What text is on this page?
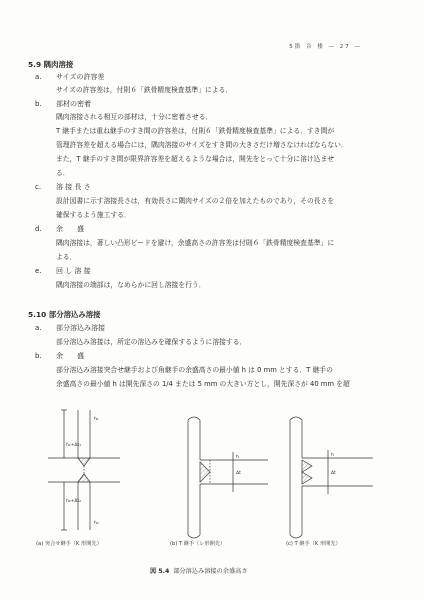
5節 音 楼 — 27 —
5.9 隅肉溶接
a. サイズの許容差
サイズの許容差は，付則６「鉄骨精度検査基準」による．
b. 部材の密着
隅肉溶接される相互の部材は，十分に密着させる．
T 継手または重ね継手のすき間の許容差は，付則６「鉄骨精度検査基準」による．すき間が
管理許容差を超える場合には，隅肉溶接のサイズをすき間の大きさだけ増さなければならない．
また，T 継手のすき間が限界許容差を超えるような場合は，開先をとって十分に溶け込ませ
る．
c. 溶 接 長 さ
設計図書に示す溶接長さは，有効長さに隅肉サイズの２倍を加えたものであり，その長さを
確保するよう施工する．
d. 余　　盛
隅肉溶接は，著しい凸形ビードを避け，余盛高さの許容差は付則６「鉄骨精度検査基準」に
よる．
e. 回 し 溶 接
隅肉溶接の端部は，なめらかに回し溶接を行う．
5.10 部分溶込み溶接
a. 部分溶込み溶接
部分溶込み溶接は，所定の溶込みを確保するように溶接する．
b. 余　　盛
部分溶込み溶接突合せ継手および角継手の余盛高さの最小値 h は 0 mm とする．T 継手の
余盛高さの最小値 h は開先深さの 1/4 または 5 mm の大きい方とし，開先深さが 40 mm を超
h₁
h₂
h₁+Δt₁
h₂+Δt₂
h
Δt
h
Δt
(a) 突合せ継手（K 形開先）	(b) T 継手（レ形開先）	(c) T 継手（K 形開先）
図 5.4 部分溶込み溶接の余盛高さ
